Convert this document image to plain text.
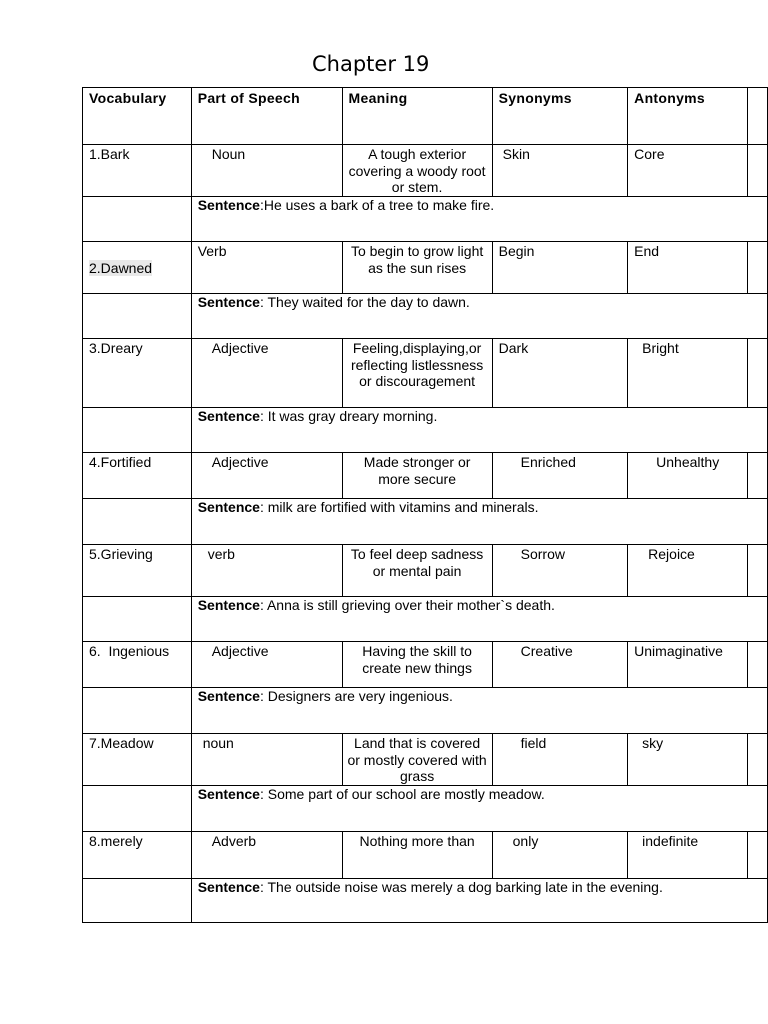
Chapter 19
Vocabulary	Part of Speech	Meaning	Synonyms	Antonyms	
1.Bark	Noun	A tough exterior covering a woody root or stem.	Skin	Core	
	Sentence:He uses a bark of a tree to make fire.				
2.Dawned	Verb	To begin to grow light as the sun rises	Begin	End	
	Sentence: They waited for the day to dawn.				
3.Dreary	Adjective	Feeling,displaying,or reflecting listlessness or discouragement	Dark	Bright	
	Sentence: It was gray dreary morning.				
4.Fortified	Adjective	Made stronger or more secure	Enriched	Unhealthy	
	Sentence: milk are fortified with vitamins and minerals.				
5.Grieving	verb	To feel deep sadness or mental pain	Sorrow	Rejoice	
	Sentence: Anna is still grieving over their mother`s death.				
6.  Ingenious	Adjective	Having the skill to create new things	Creative	Unimaginative	
	Sentence: Designers are very ingenious.				
7.Meadow	noun	Land that is covered or mostly covered with grass	field	sky	
	Sentence: Some part of our school are mostly meadow.				
8.merely	Adverb	Nothing more than	only	indefinite	
	Sentence: The outside noise was merely a dog barking late in the evening.				
